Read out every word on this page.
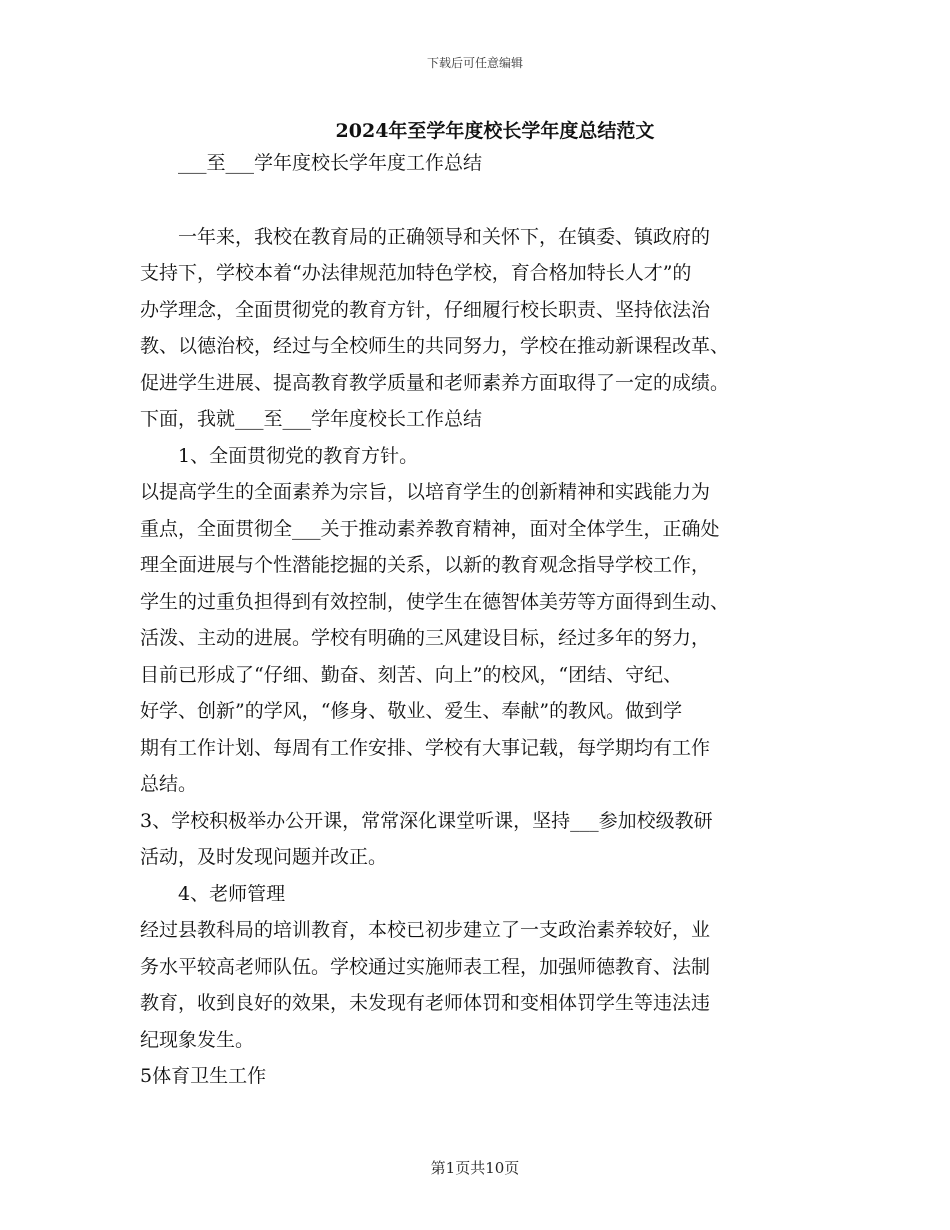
下载后可任意编辑
2024年至学年度校长学年度总结范文
　　___至___学年度校长学年度工作总结
　　一年来，我校在教育局的正确领导和关怀下，在镇委、镇政府的
支持下，学校本着“办法律规范加特色学校，育合格加特长人才”的
办学理念，全面贯彻党的教育方针，仔细履行校长职责、坚持依法治
教、以德治校，经过与全校师生的共同努力，学校在推动新课程改革、
促进学生进展、提高教育教学质量和老师素养方面取得了一定的成绩。
下面，我就___至___学年度校长工作总结
　　1、全面贯彻党的教育方针。
以提高学生的全面素养为宗旨，以培育学生的创新精神和实践能力为
重点，全面贯彻全___关于推动素养教育精神，面对全体学生，正确处
理全面进展与个性潜能挖掘的关系，以新的教育观念指导学校工作，
学生的过重负担得到有效控制，使学生在德智体美劳等方面得到生动、
活泼、主动的进展。学校有明确的三风建设目标，经过多年的努力，
目前已形成了“仔细、勤奋、刻苦、向上”的校风，“团结、守纪、
好学、创新”的学风，“修身、敬业、爱生、奉献”的教风。做到学
期有工作计划、每周有工作安排、学校有大事记载，每学期均有工作
总结。
3、学校积极举办公开课，常常深化课堂听课，坚持___参加校级教研
活动，及时发现问题并改正。
　　4、老师管理
经过县教科局的培训教育，本校已初步建立了一支政治素养较好，业
务水平较高老师队伍。学校通过实施师表工程，加强师德教育、法制
教育，收到良好的效果，未发现有老师体罚和变相体罚学生等违法违
纪现象发生。
5体育卫生工作
第1页共10页
